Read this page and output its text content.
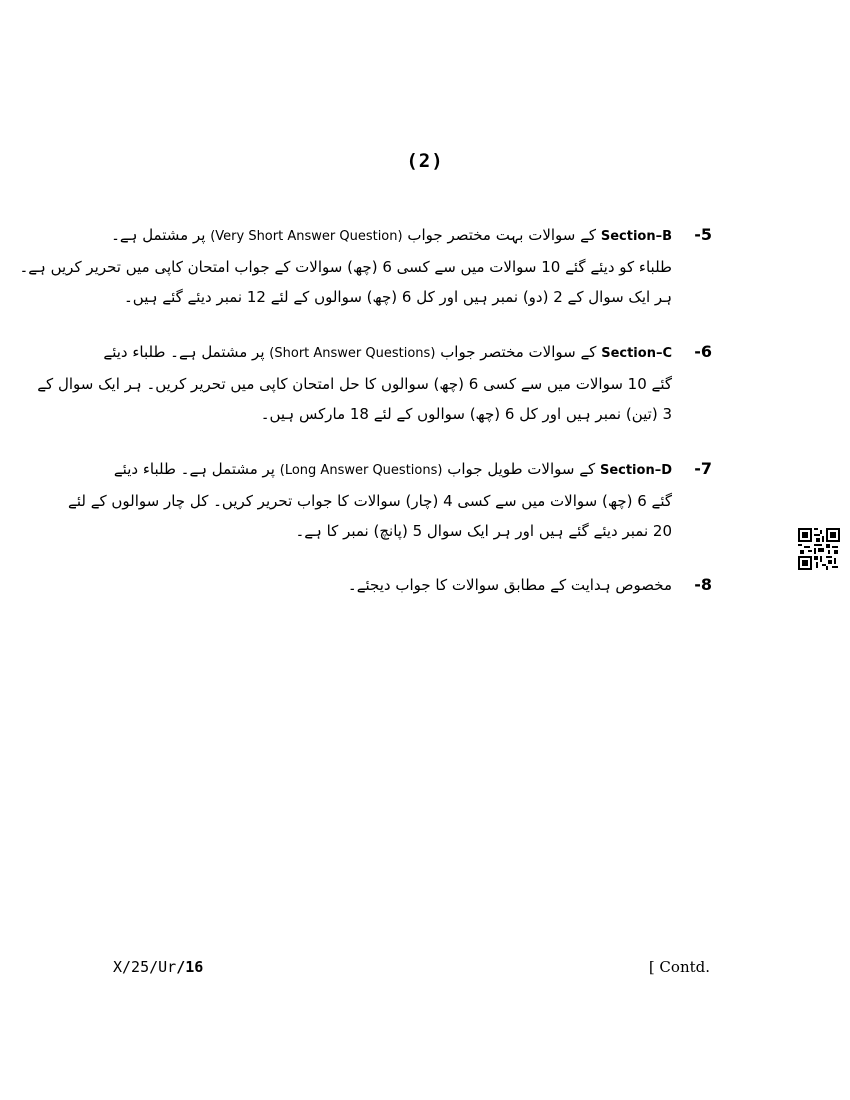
(2)
-5
Section–B کے سوالات بہت مختصر جواب (Very Short Answer Question) پر مشتمل ہے۔
طلباء کو دیئے گئے 10 سوالات میں سے کسی 6 (چھ) سوالات کے جواب امتحان کاپی میں تحریر کریں ہے۔
ہر ایک سوال کے 2 (دو) نمبر ہیں اور کل 6 (چھ) سوالوں کے لئے 12 نمبر دیئے گئے ہیں۔
-6
Section–C کے سوالات مختصر جواب (Short Answer Questions) پر مشتمل ہے۔ طلباء دیئے
گئے 10 سوالات میں سے کسی 6 (چھ) سوالوں کا حل امتحان کاپی میں تحریر کریں۔ ہر ایک سوال کے
3 (تین) نمبر ہیں اور کل 6 (چھ) سوالوں کے لئے 18 مارکس ہیں۔
-7
Section–D کے سوالات طویل جواب (Long Answer Questions) پر مشتمل ہے۔ طلباء دیئے
گئے 6 (چھ) سوالات میں سے کسی 4 (چار) سوالات کا جواب تحریر کریں۔ کل چار سوالوں کے لئے
20 نمبر دیئے گئے ہیں اور ہر ایک سوال 5 (پانچ) نمبر کا ہے۔
-8
مخصوص ہدایت کے مطابق سوالات کا جواب دیجئے۔
X/25/Ur/16	[ Contd.
